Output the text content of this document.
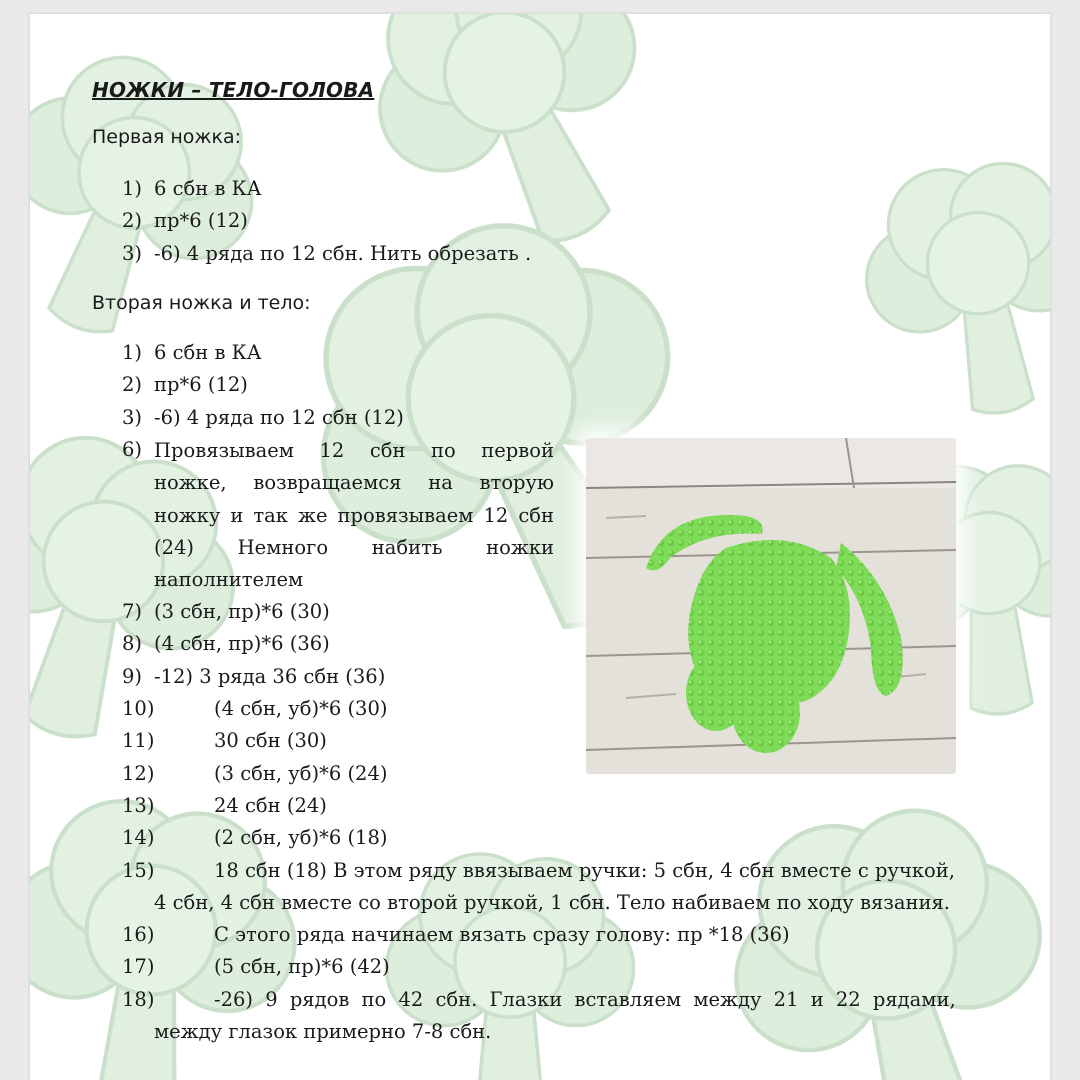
НОЖКИ – ТЕЛО-ГОЛОВА
Первая ножка:
1) 6 сбн в КА
2) пр*6 (12)
3) -6) 4 ряда по 12 сбн. Нить обрезать .
Вторая ножка и тело:
1) 6 сбн в КА
2) пр*6 (12)
3) -6) 4 ряда по 12 сбн (12)
6) Провязываем 12 сбн по первой ножке, возвращаемся на вторую ножку и так же провязываем 12 сбн (24) Немного набить ножки наполнителем
7) (3 сбн, пр)*6 (30)
8) (4 сбн, пр)*6 (36)
9) -12) 3 ряда 36 сбн (36)
10)	(4 сбн, уб)*6 (30)
11)	30 сбн (30)
12)	(3 сбн, уб)*6 (24)
13)	24 сбн (24)
14)	(2 сбн, уб)*6 (18)
15)	18 сбн (18) В этом ряду ввязываем ручки: 5 сбн, 4 сбн вместе с ручкой,
4 сбн, 4 сбн вместе со второй ручкой, 1 сбн. Тело набиваем по ходу вязания.
16)	С этого ряда начинаем вязать сразу голову: пр *18 (36)
17)	(5 сбн, пр)*6 (42)
18)	-26) 9 рядов по 42 сбн. Глазки вставляем между 21 и 22 рядами,
между глазок примерно 7-8 сбн.
